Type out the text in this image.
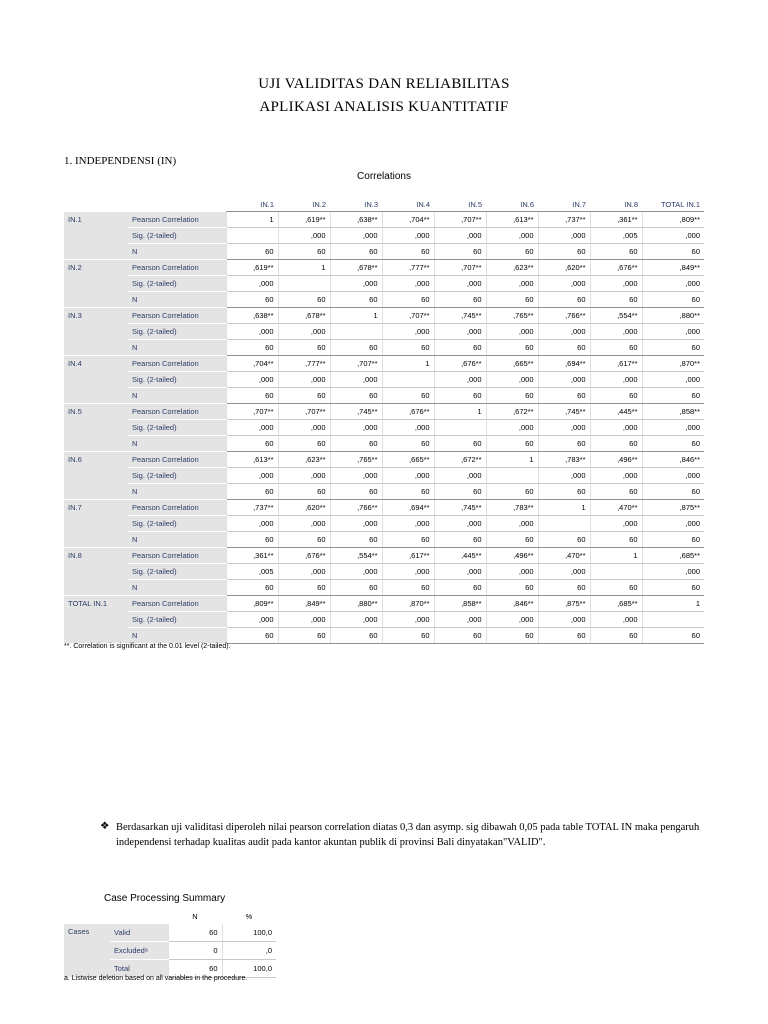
UJI VALIDITAS DAN RELIABILITAS
APLIKASI ANALISIS KUANTITATIF
1. INDEPENDENSI (IN)
Correlations
		IN.1	IN.2	IN.3	IN.4	IN.5	IN.6	IN.7	IN.8	TOTAL IN.1
IN.1	Pearson Correlation	1	,619**	,638**	,704**	,707**	,613**	,737**	,361**	,809**
	Sig. (2-tailed)		,000	,000	,000	,000	,000	,000	,005	,000
	N	60	60	60	60	60	60	60	60	60
IN.2	Pearson Correlation	,619**	1	,678**	,777**	,707**	,623**	,620**	,676**	,849**
	Sig. (2-tailed)	,000		,000	,000	,000	,000	,000	,000	,000
	N	60	60	60	60	60	60	60	60	60
IN.3	Pearson Correlation	,638**	,678**	1	,707**	,745**	,765**	,766**	,554**	,880**
	Sig. (2-tailed)	,000	,000		,000	,000	,000	,000	,000	,000
	N	60	60	60	60	60	60	60	60	60
IN.4	Pearson Correlation	,704**	,777**	,707**	1	,676**	,665**	,694**	,617**	,870**
	Sig. (2-tailed)	,000	,000	,000		,000	,000	,000	,000	,000
	N	60	60	60	60	60	60	60	60	60
IN.5	Pearson Correlation	,707**	,707**	,745**	,676**	1	,672**	,745**	,445**	,858**
	Sig. (2-tailed)	,000	,000	,000	,000		,000	,000	,000	,000
	N	60	60	60	60	60	60	60	60	60
IN.6	Pearson Correlation	,613**	,623**	,765**	,665**	,672**	1	,783**	,496**	,846**
	Sig. (2-tailed)	,000	,000	,000	,000	,000		,000	,000	,000
	N	60	60	60	60	60	60	60	60	60
IN.7	Pearson Correlation	,737**	,620**	,766**	,694**	,745**	,783**	1	,470**	,875**
	Sig. (2-tailed)	,000	,000	,000	,000	,000	,000		,000	,000
	N	60	60	60	60	60	60	60	60	60
IN.8	Pearson Correlation	,361**	,676**	,554**	,617**	,445**	,496**	,470**	1	,685**
	Sig. (2-tailed)	,005	,000	,000	,000	,000	,000	,000		,000
	N	60	60	60	60	60	60	60	60	60
TOTAL IN.1	Pearson Correlation	,809**	,849**	,880**	,870**	,858**	,846**	,875**	,685**	1
	Sig. (2-tailed)	,000	,000	,000	,000	,000	,000	,000	,000	
	N	60	60	60	60	60	60	60	60	60
**. Correlation is significant at the 0.01 level (2-tailed).
❖ Berdasarkan uji validitasi diperoleh nilai pearson correlation diatas 0,3 dan asymp. sig dibawah 0,05 pada table TOTAL IN maka pengaruh independensi terhadap kualitas audit pada kantor akuntan publik di provinsi Bali dinyatakan"VALID".
Case Processing Summary
		N	%
Cases	Valid	60	100,0
	Excludedᵃ	0	,0
	Total	60	100,0
a. Listwise deletion based on all variables in the procedure.
